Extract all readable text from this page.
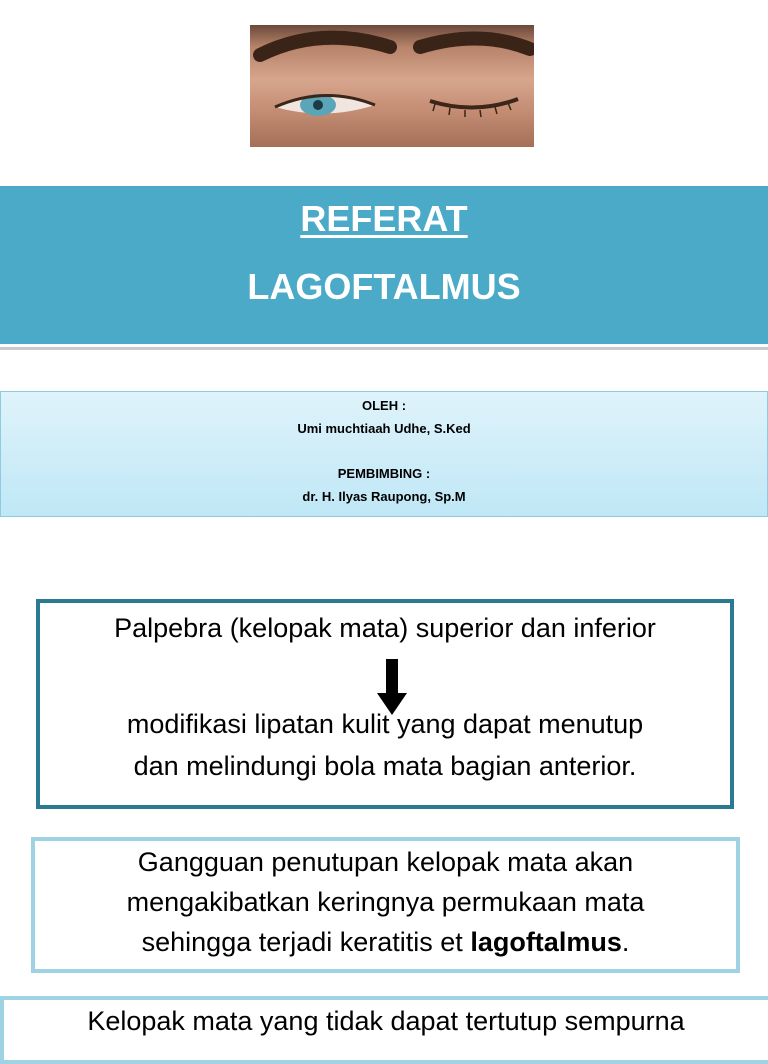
REFERAT
LAGOFTALMUS
OLEH :
Umi muchtiaah Udhe, S.Ked
PEMBIMBING :
dr. H. Ilyas Raupong, Sp.M
Palpebra (kelopak mata) superior dan inferior
modifikasi lipatan kulit yang dapat menutup
dan melindungi bola mata bagian anterior.
Gangguan penutupan kelopak mata akan
mengakibatkan keringnya permukaan mata
sehingga terjadi keratitis et lagoftalmus.
Kelopak mata yang tidak dapat tertutup sempurna
